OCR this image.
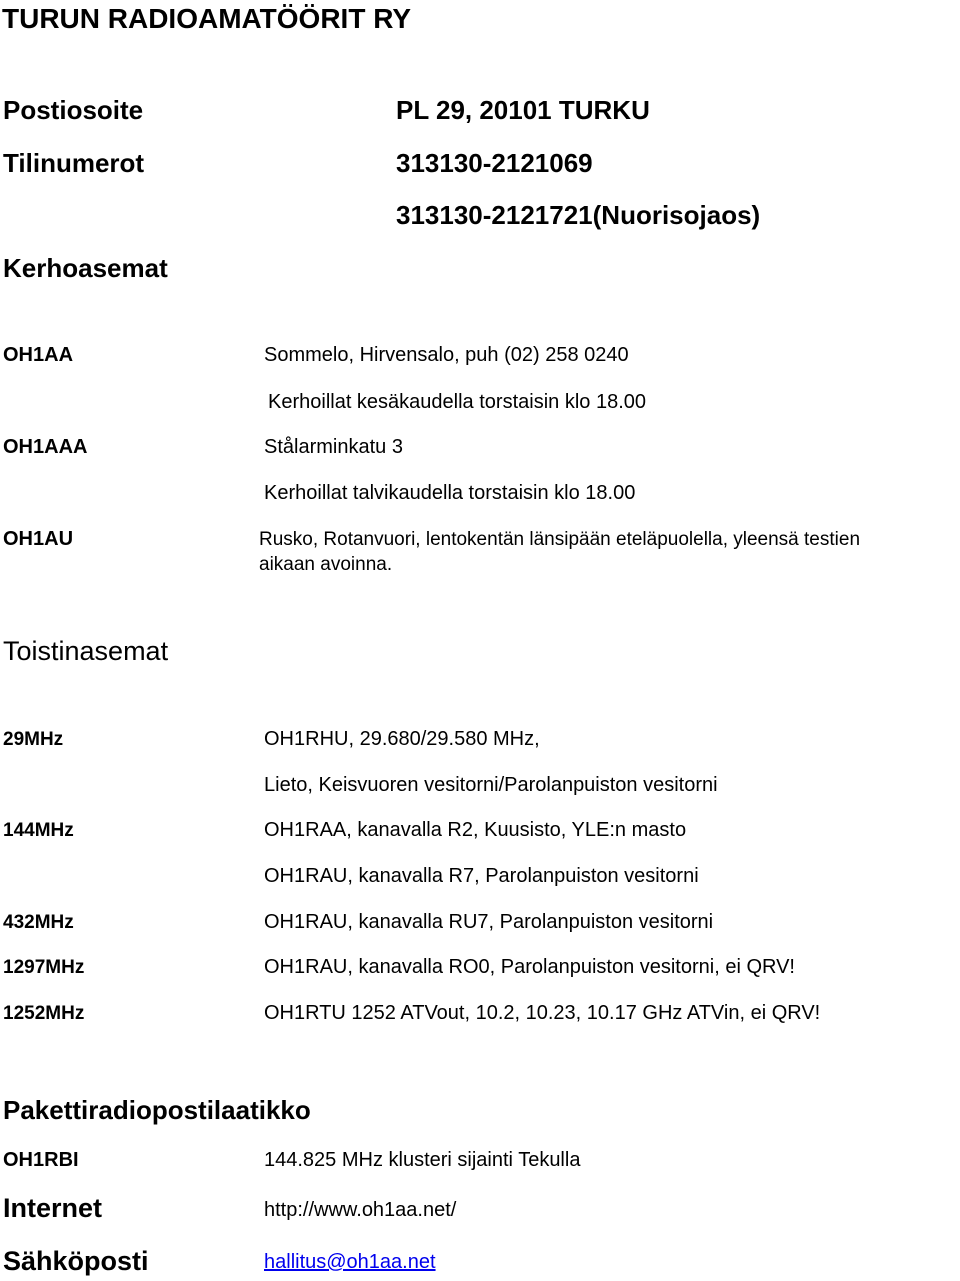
TURUN RADIOAMATÖÖRIT RY
Postiosoite	PL 29, 20101 TURKU
Tilinumerot	313130-2121069
313130-2121721(Nuorisojaos)
Kerhoasemat
OH1AA	Sommelo, Hirvensalo, puh (02) 258 0240
Kerhoillat kesäkaudella torstaisin klo 18.00
OH1AAA	Stålarminkatu 3
Kerhoillat talvikaudella torstaisin klo 18.00
OH1AU	Rusko, Rotanvuori, lentokentän länsipään eteläpuolella, yleensä testien
aikaan avoinna.
Toistinasemat
29MHz	OH1RHU, 29.680/29.580 MHz,
Lieto, Keisvuoren vesitorni/Parolanpuiston vesitorni
144MHz	OH1RAA, kanavalla R2, Kuusisto, YLE:n masto
OH1RAU, kanavalla R7, Parolanpuiston vesitorni
432MHz	OH1RAU, kanavalla RU7, Parolanpuiston vesitorni
1297MHz	OH1RAU, kanavalla RO0, Parolanpuiston vesitorni, ei QRV!
1252MHz	OH1RTU 1252 ATVout, 10.2, 10.23, 10.17 GHz ATVin, ei QRV!
Pakettiradiopostilaatikko
OH1RBI	144.825 MHz klusteri sijainti Tekulla
Internet	http://www.oh1aa.net/
Sähköposti	hallitus@oh1aa.net
